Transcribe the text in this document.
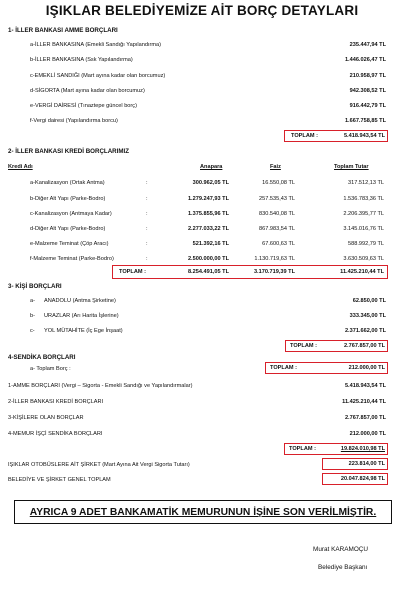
IŞIKLAR BELEDİYEMİZE AİT BORÇ DETAYLARI
1- İLLER BANKASI AMME BORÇLARI
a-İLLER BANKASINA (Emekli Sandığı Yapılandırma)	235.447,94 TL
b-İLLER BANKASINA (Ssk Yapılandırma)	1.446.026,47 TL
c-EMEKLİ SANDIĞI (Mart ayına kadar olan borcumuz)	210.958,97 TL
d-SİGORTA (Mart ayına kadar olan borcumuz)	942.308,52 TL
e-VERGİ DAİRESİ (Tınaztepe güncel borç)	916.442,79 TL
f-Vergi dairesi (Yapılandırma borcu)	1.667.758,85 TL
TOPLAM :	5.418.943,54 TL
2- İLLER BANKASI KREDİ BORÇLARIMIZ
Kredi Adı	Anapara	Faiz	Toplam Tutar
a-Kanalizasyon (Ortak Antma)	:	300.962,05 TL	16.550,08 TL	317.512,13 TL
b-Diğer Alt Yapı (Parke-Bodro)	:	1.279.247,93 TL	257.535,43 TL	1.536.783,36 TL
c-Kanalizasyon (Antmaya Kadar)	:	1.375.855,96 TL	830.540,08 TL	2.206.395,77 TL
d-Diğer Alt Yapı (Parke-Bodro)	:	2.277.033,22 TL	867.983,54 TL	3.145.016,76 TL
e-Malzeme Teminat (Çöp Aracı)	:	521.392,16 TL	67.600,63 TL	588.992,79 TL
f-Malzeme Teminat (Parke-Bodro)	:	2.500.000,00 TL	1.130.719,63 TL	3.630.509,63 TL
TOPLAM :	8.254.491,05 TL	3.170.719,39 TL	11.425.210,44 TL
3- KİŞİ BORÇLARI
a- ANADOLU (Antma Şirketine)	62.850,00 TL
b- URAZLAR (Arı Harita İşlerine)	333.345,00 TL
c- YOL MÜTAHİTE (İç Ege İnşaat)	2.371.662,00 TL
TOPLAM :	2.767.857,00 TL
4-SENDİKA BORÇLARI
a- Toplam Borç :	TOPLAM :	212.000,00 TL
1-AMME BORÇLARI (Vergi – Sigorta - Emekli Sandığı ve Yapılandırmalar)	5.418.943,54 TL
2-İLLER BANKASI KREDİ BORÇLARI	11.425.210,44 TL
3-KİŞİLERE OLAN BORÇLAR	2.767.857,00 TL
4-MEMUR İŞÇİ SENDİKA BORÇLARI	212.000,00 TL
TOPLAM :	19.824.010,98 TL
IŞIKLAR OTOBÜSLERE AİT ŞİRKET (Mart Ayına Ait Vergi Sigorta Tutarı)	223.814,00 TL
BELEDİYE VE ŞİRKET GENEL TOPLAM	20.047.824,98 TL
AYRICA 9 ADET BANKAMATİK MEMURUNUN İŞİNE SON VERİLMİŞTİR.
Murat KARAMOÇU
Belediye Başkanı
